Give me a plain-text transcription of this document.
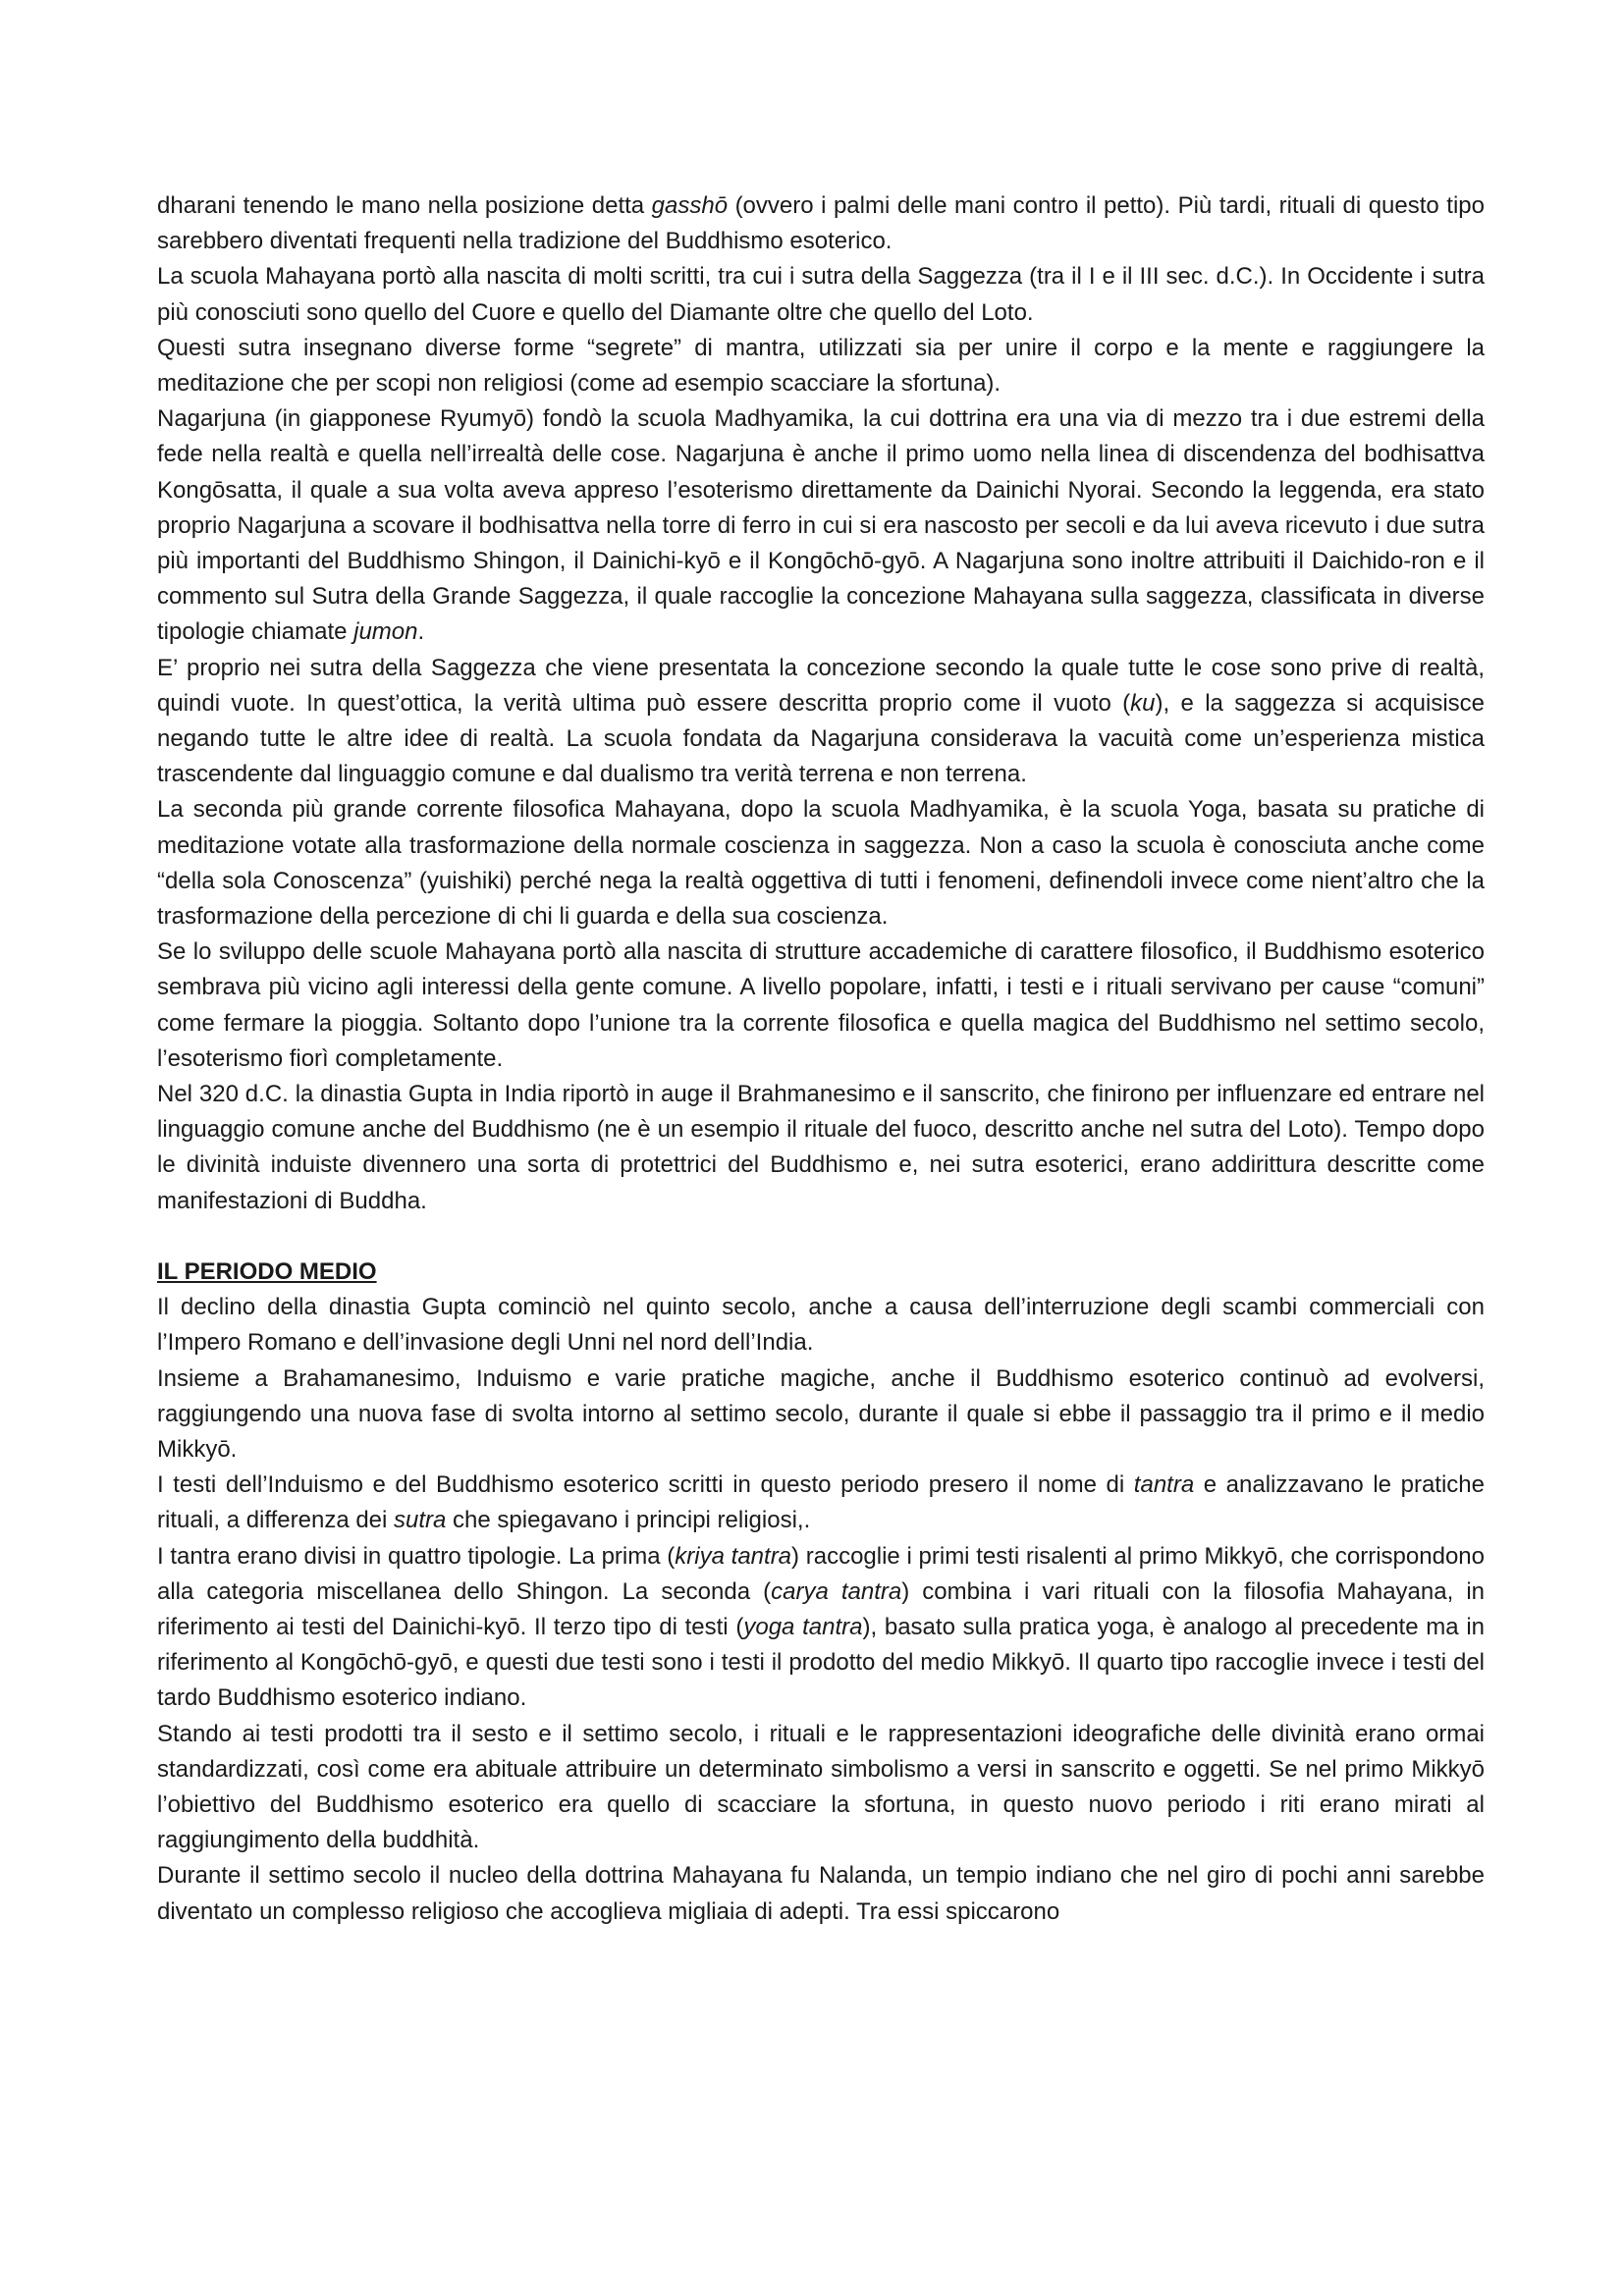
dharani tenendo le mano nella posizione detta gasshō (ovvero i palmi delle mani contro il petto). Più tardi, rituali di questo tipo sarebbero diventati frequenti nella tradizione del Buddhismo esoterico.

La scuola Mahayana portò alla nascita di molti scritti, tra cui i sutra della Saggezza (tra il I e il III sec. d.C.). In Occidente i sutra più conosciuti sono quello del Cuore e quello del Diamante oltre che quello del Loto.

Questi sutra insegnano diverse forme “segrete” di mantra, utilizzati sia per unire il corpo e la mente e raggiungere la meditazione che per scopi non religiosi (come ad esempio scacciare la sfortuna).

Nagarjuna (in giapponese Ryumyō) fondò la scuola Madhyamika, la cui dottrina era una via di mezzo tra i due estremi della fede nella realtà e quella nell’irrealtà delle cose. Nagarjuna è anche il primo uomo nella linea di discendenza del bodhisattva Kongōsatta, il quale a sua volta aveva appreso l’esoterismo direttamente da Dainichi Nyorai. Secondo la leggenda, era stato proprio Nagarjuna a scovare il bodhisattva nella torre di ferro in cui si era nascosto per secoli e da lui aveva ricevuto i due sutra più importanti del Buddhismo Shingon, il Dainichi-kyō e il Kongōchō-gyō. A Nagarjuna sono inoltre attribuiti il Daichido-ron e il commento sul Sutra della Grande Saggezza, il quale raccoglie la concezione Mahayana sulla saggezza, classificata in diverse tipologie chiamate jumon.

E’ proprio nei sutra della Saggezza che viene presentata la concezione secondo la quale tutte le cose sono prive di realtà, quindi vuote. In quest’ottica, la verità ultima può essere descritta proprio come il vuoto (ku), e la saggezza si acquisisce negando tutte le altre idee di realtà. La scuola fondata da Nagarjuna considerava la vacuità come un’esperienza mistica trascendente dal linguaggio comune e dal dualismo tra verità terrena e non terrena.

La seconda più grande corrente filosofica Mahayana, dopo la scuola Madhyamika, è la scuola Yoga, basata su pratiche di meditazione votate alla trasformazione della normale coscienza in saggezza. Non a caso la scuola è conosciuta anche come “della sola Conoscenza” (yuishiki) perché nega la realtà oggettiva di tutti i fenomeni, definendoli invece come nient’altro che la trasformazione della percezione di chi li guarda e della sua coscienza.

Se lo sviluppo delle scuole Mahayana portò alla nascita di strutture accademiche di carattere filosofico, il Buddhismo esoterico sembrava più vicino agli interessi della gente comune. A livello popolare, infatti, i testi e i rituali servivano per cause “comuni” come fermare la pioggia. Soltanto dopo l’unione tra la corrente filosofica e quella magica del Buddhismo nel settimo secolo, l’esoterismo fiorì completamente.

Nel 320 d.C. la dinastia Gupta in India riportò in auge il Brahmanesimo e il sanscrito, che finirono per influenzare ed entrare nel linguaggio comune anche del Buddhismo (ne è un esempio il rituale del fuoco, descritto anche nel sutra del Loto). Tempo dopo le divinità induiste divennero una sorta di protettrici del Buddhismo e, nei sutra esoterici, erano addirittura descritte come manifestazioni di Buddha.

IL PERIODO MEDIO

Il declino della dinastia Gupta cominciò nel quinto secolo, anche a causa dell’interruzione degli scambi commerciali con l’Impero Romano e dell’invasione degli Unni nel nord dell’India.

Insieme a Brahamanesimo, Induismo e varie pratiche magiche, anche il Buddhismo esoterico continuò ad evolversi, raggiungendo una nuova fase di svolta intorno al settimo secolo, durante il quale si ebbe il passaggio tra il primo e il medio Mikkyō.

I testi dell’Induismo e del Buddhismo esoterico scritti in questo periodo presero il nome di tantra e analizzavano le pratiche rituali, a differenza dei sutra che spiegavano i principi religiosi,.

I tantra erano divisi in quattro tipologie. La prima (kriya tantra) raccoglie i primi testi risalenti al primo Mikkyō, che corrispondono alla categoria miscellanea dello Shingon. La seconda (carya tantra) combina i vari rituali con la filosofia Mahayana, in riferimento ai testi del Dainichi-kyō. Il terzo tipo di testi (yoga tantra), basato sulla pratica yoga, è analogo al precedente ma in riferimento al Kongōchō-gyō, e questi due testi sono i testi il prodotto del medio Mikkyō. Il quarto tipo raccoglie invece i testi del tardo Buddhismo esoterico indiano.

Stando ai testi prodotti tra il sesto e il settimo secolo, i rituali e le rappresentazioni ideografiche delle divinità erano ormai standardizzati, così come era abituale attribuire un determinato simbolismo a versi in sanscrito e oggetti. Se nel primo Mikkyō l’obiettivo del Buddhismo esoterico era quello di scacciare la sfortuna, in questo nuovo periodo i riti erano mirati al raggiungimento della buddhità.

Durante il settimo secolo il nucleo della dottrina Mahayana fu Nalanda, un tempio indiano che nel giro di pochi anni sarebbe diventato un complesso religioso che accoglieva migliaia di adepti. Tra essi spiccarono
